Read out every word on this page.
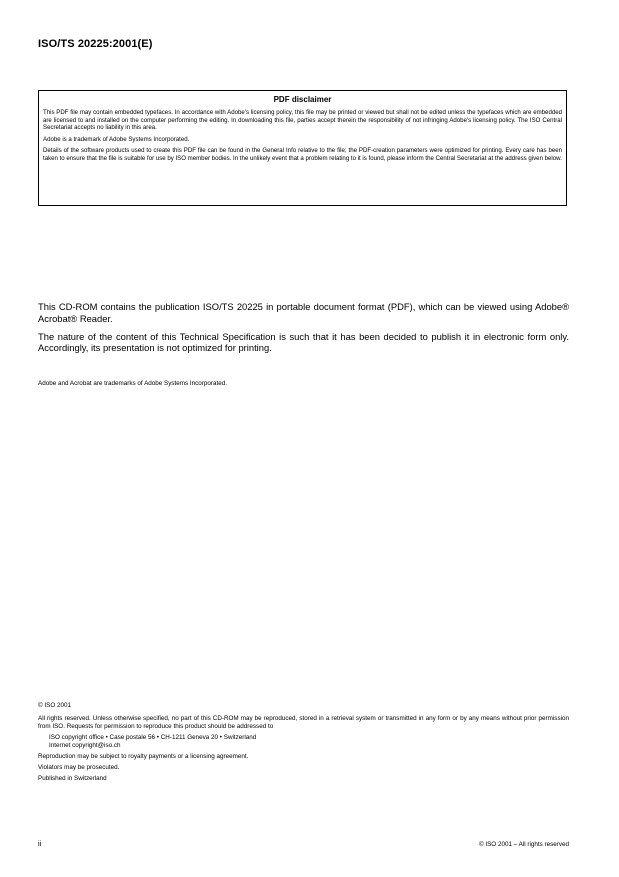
ISO/TS 20225:2001(E)
PDF disclaimer

This PDF file may contain embedded typefaces. In accordance with Adobe's licensing policy, this file may be printed or viewed but shall not be edited unless the typefaces which are embedded are licensed to and installed on the computer performing the editing. In downloading this file, parties accept therein the responsibility of not infringing Adobe's licensing policy. The ISO Central Secretariat accepts no liability in this area.

Adobe is a trademark of Adobe Systems Incorporated.

Details of the software products used to create this PDF file can be found in the General Info relative to the file; the PDF-creation parameters were optimized for printing. Every care has been taken to ensure that the file is suitable for use by ISO member bodies. In the unlikely event that a problem relating to it is found, please inform the Central Secretariat at the address given below.

This CD-ROM contains the publication ISO/TS 20225 in portable document format (PDF), which can be viewed using Adobe® Acrobat® Reader.

The nature of the content of this Technical Specification is such that it has been decided to publish it in electronic form only. Accordingly, its presentation is not optimized for printing.

Adobe and Acrobat are trademarks of Adobe Systems Incorporated.

© ISO 2001

All rights reserved. Unless otherwise specified, no part of this CD-ROM may be reproduced, stored in a retrieval system or transmitted in any form or by any means without prior permission from ISO. Requests for permission to reproduce this product should be addressed to

ISO copyright office • Case postale 56 • CH-1211 Geneva 20 • Switzerland
Internet copyright@iso.ch

Reproduction may be subject to royalty payments or a licensing agreement.

Violators may be prosecuted.

Published in Switzerland

ii	© ISO 2001 – All rights reserved
